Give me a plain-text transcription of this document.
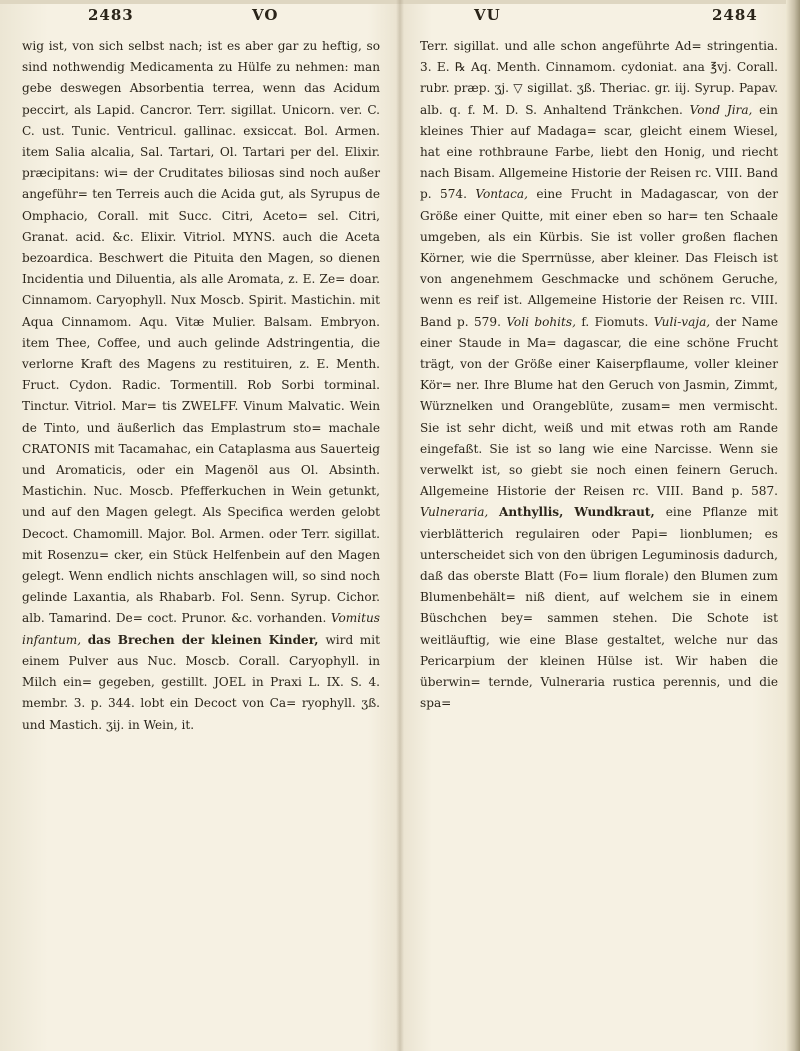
2483	VO	VU	2484

wig ist, von sich selbst nach; ist es aber gar zu heftig, so sind nothwendig Medicamenta zu Hülfe zu nehmen: man gebe deswegen Absorbentia terrea, wenn das Acidum peccirt, als Lapid. Cancror. Terr. sigillat. Unicorn. ver. C. C. ust. Tunic. Ventricul. gallinac. exsiccat. Bol. Armen. item Salia alcalia, Sal. Tartari, Ol. Tartari per del. Elixir. præcipitans: wi= der Cruditates biliosas sind noch außer angeführ= ten Terreis auch die Acida gut, als Syrupus de Omphacio, Corall. mit Succ. Citri, Aceto= sel. Citri, Granat. acid. &c. Elixir. Vitriol. MYNS. auch die Aceta bezoardica. Beschwert die Pituita den Magen, so dienen Incidentia und Diluentia, als alle Aromata, z. E. Ze= doar. Cinnamom. Caryophyll. Nux Moscb. Spirit. Mastichin. mit Aqua Cinnamom. Aqu. Vitæ Mulier. Balsam. Embryon. item Thee, Coffee, und auch gelinde Adstringentia, die verlorne Kraft des Magens zu restituiren, z. E. Menth. Fruct. Cydon. Radic. Tormentill. Rob Sorbi torminal. Tinctur. Vitriol. Mar= tis ZWELFF. Vinum Malvatic. Wein de Tinto, und äußerlich das Emplastrum sto= machale CRATONIS mit Tacamahac, ein Cataplasma aus Sauerteig und Aromaticis, oder ein Magenöl aus Ol. Absinth. Mastichin. Nuc. Moscb. Pfefferkuchen in Wein getunkt, und auf den Magen gelegt. Als Specifica werden gelobt Decoct. Chamomill. Major. Bol. Armen. oder Terr. sigillat. mit Rosenzu= cker, ein Stück Helfenbein auf den Magen gelegt. Wenn endlich nichts anschlagen will, so sind noch gelinde Laxantia, als Rhabarb. Fol. Senn. Syrup. Cichor. alb. Tamarind. De= coct. Prunor. &c. vorhanden. Vomitus infantum, das Brechen der kleinen Kinder, wird mit einem Pulver aus Nuc. Moscb. Corall. Caryophyll. in Milch ein= gegeben, gestillt. JOEL in Praxi L. IX. S. 4. membr. 3. p. 344. lobt ein Decoct von Ca= ryophyll. ʒß. und Mastich. ʒij. in Wein, it.

Terr. sigillat. und alle schon angeführte Ad= stringentia. 3. E. ℞ Aq. Menth. Cinnamom. cydoniat. ana ℥vj. Corall. rubr. præp. ʒj. ▽ sigillat. ʒß. Theriac. gr. iij. Syrup. Papav. alb. q. f. M. D. S. Anhaltend Tränkchen. Vond Jira, ein kleines Thier auf Madaga= scar, gleicht einem Wiesel, hat eine rothbraune Farbe, liebt den Honig, und riecht nach Bisam. Allgemeine Historie der Reisen rc. VIII. Band p. 574. Vontaca, eine Frucht in Madagascar, von der Größe einer Quitte, mit einer eben so har= ten Schaale umgeben, als ein Kürbis. Sie ist voller großen flachen Körner, wie die Sperrnüsse, aber kleiner. Das Fleisch ist von angenehmem Geschmacke und schönem Geruche, wenn es reif ist. Allgemeine Historie der Reisen rc. VIII. Band p. 579. Voli bohits, f. Fiomuts. Vuli-vaja, der Name einer Staude in Ma= dagascar, die eine schöne Frucht trägt, von der Größe einer Kaiserpflaume, voller kleiner Kör= ner. Ihre Blume hat den Geruch von Jasmin, Zimmt, Würznelken und Orangeblüte, zusam= men vermischt. Sie ist sehr dicht, weiß und mit etwas roth am Rande eingefaßt. Sie ist so lang wie eine Narcisse. Wenn sie verwelkt ist, so giebt sie noch einen feinern Geruch. Allgemeine Historie der Reisen rc. VIII. Band p. 587. Vulneraria, Anthyllis, Wundkraut, eine Pflanze mit vierblätterich regulairen oder Papi= lionblumen; es unterscheidet sich von den übrigen Leguminosis dadurch, daß das oberste Blatt (Fo= lium florale) den Blumen zum Blumenbehält= niß dient, auf welchem sie in einem Büschchen bey= sammen stehen. Die Schote ist weitläuftig, wie eine Blase gestaltet, welche nur das Pericarpium der kleinen Hülse ist. Wir haben die überwin= ternde, Vulneraria rustica perennis, und die spa=
